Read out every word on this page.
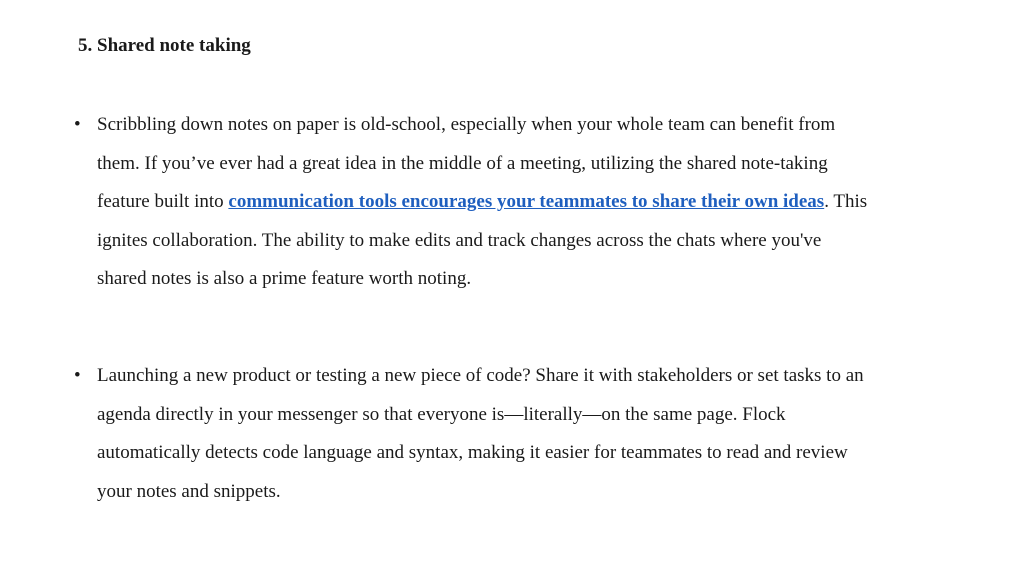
5. Shared note taking
• Scribbling down notes on paper is old-school, especially when your whole team can benefit from them. If you’ve ever had a great idea in the middle of a meeting, utilizing the shared note-taking feature built into communication tools encourages your teammates to share their own ideas. This ignites collaboration. The ability to make edits and track changes across the chats where you've shared notes is also a prime feature worth noting.
• Launching a new product or testing a new piece of code? Share it with stakeholders or set tasks to an agenda directly in your messenger so that everyone is—literally—on the same page. Flock automatically detects code language and syntax, making it easier for teammates to read and review your notes and snippets.
